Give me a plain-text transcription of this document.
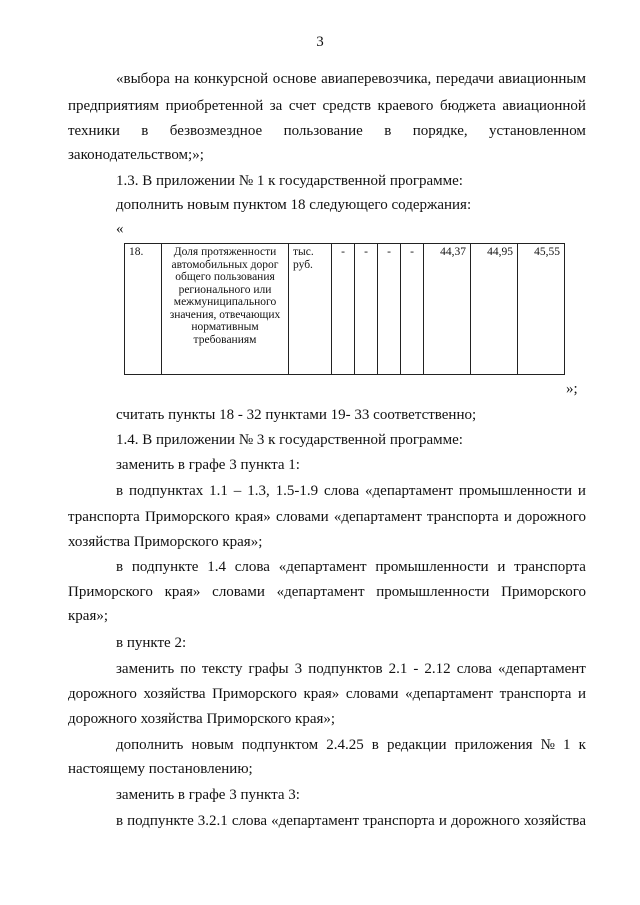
3
«выбора на конкурсной основе авиаперевозчика, передачи авиационным
предприятиям приобретенной за счет средств краевого бюджета авиационной
техники в безвозмездное пользование в порядке, установленном
законодательством;»;
1.3. В приложении № 1 к государственной программе:
дополнить новым пунктом 18 следующего содержания:
«
18.	Доля протяженности автомобильных дорог общего пользования регионального или межмуниципального значения, отвечающих нормативным требованиям	тыс. руб.	-	-	-	-	44,37	44,95	45,55
»;
считать пункты 18 - 32 пунктами 19- 33 соответственно;
1.4. В приложении № 3 к государственной программе:
заменить в графе 3 пункта 1:
в подпунктах 1.1 – 1.3, 1.5-1.9 слова «департамент промышленности и
транспорта Приморского края» словами «департамент транспорта и дорожного
хозяйства Приморского края»;
в подпункте 1.4 слова «департамент промышленности и транспорта
Приморского края» словами «департамент промышленности Приморского
края»;
в пункте 2:
заменить по тексту графы 3 подпунктов 2.1 - 2.12 слова «департамент
дорожного хозяйства Приморского края» словами «департамент транспорта и
дорожного хозяйства Приморского края»;
дополнить новым подпунктом 2.4.25 в редакции приложения № 1 к
настоящему постановлению;
заменить в графе 3 пункта 3:
в подпункте 3.2.1 слова «департамент транспорта и дорожного хозяйства
